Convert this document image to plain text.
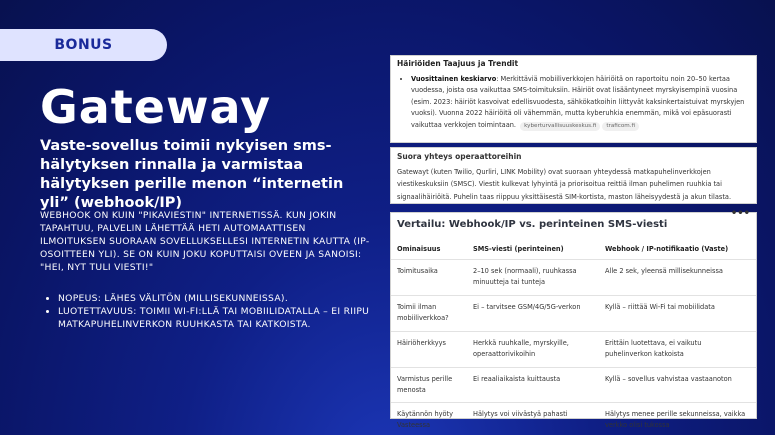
BONUS
Gateway

Vaste-sovellus toimii nykyisen sms-hälytyksen rinnalla ja varmistaa hälytyksen perille menon “internetin yli” (webhook/IP)

WEBHOOK ON KUIN "PIKAVIESTIN" INTERNETISSÄ. KUN JOKIN TAPAHTUU, PALVELIN LÄHETTÄÄ HETI AUTOMAATTISEN ILMOITUKSEN SUORAAN SOVELLUKSELLESI INTERNETIN KAUTTA (IP-OSOITTEEN YLI). SE ON KUIN JOKU KOPUTTAISI OVEEN JA SANOISI: "HEI, NYT TULI VIESTI!"

• NOPEUS: LÄHES VÄLITÖN (MILLISEKUNNEISSA).
• LUOTETTAVUUS: TOIMII WI-FI:LLÄ TAI MOBIILIDATALLA – EI RIIPU MATKAPUHELINVERKON RUUHKASTA TAI KATKOISTA.

Häiriöiden Taajuus ja Trendit

• Vuosittainen keskiarvo: Merkittäviä mobiiliverkkojen häiriöitä on raportoitu noin 20–50 kertaa vuodessa, joista osa vaikuttaa SMS-toimituksiin. Häiriöt ovat lisääntyneet myrskyisempinä vuosina (esim. 2023: häiriöt kasvoivat edellisvuodesta, sähkökatkoihin liittyvät kaksinkertaistuivat myrskyjen vuoksi). Vuonna 2022 häiriöitä oli vähemmän, mutta kyberuhkia enemmän, mikä voi epäsuorasti vaikuttaa verkkojen toimintaan. kyberturvallisuuskeskus.fi traficom.fi

Suora yhteys operaattoreihin

Gatewayt (kuten Twilio, Qurliri, LINK Mobility) ovat suoraan yhteydessä matkapuhelinverkkojen viestikeskuksiin (SMSC). Viestit kulkevat lyhyintä ja priorisoitua reittiä ilman puhelimen ruuhkia tai signaalihäiriöitä. Puhelin taas riippuu yksittäisestä SIM-kortista, maston läheisyydestä ja akun tilasta.

•••

Vertailu: Webhook/IP vs. perinteinen SMS-viesti

Ominaisuus	SMS-viesti (perinteinen)	Webhook / IP-notifikaatio (Vaste)
Toimitusaika	2–10 sek (normaali), ruuhkassa minuutteja tai tunteja	Alle 2 sek, yleensä millisekunneissa
Toimii ilman mobiiliverkkoa?	Ei – tarvitsee GSM/4G/5G-verkon	Kyllä – riittää Wi-Fi tai mobiilidata
Häiriöherkkyys	Herkkä ruuhkalle, myrskyille, operaattorivikoihin	Erittäin luotettava, ei vaikutu puhelinverkon katkoista
Varmistus perille menosta	Ei reaaliaikaista kuittausta	Kyllä – sovellus vahvistaa vastaanoton
Käytännön hyöty Vasteessa	Hälytys voi viivästyä pahasti	Hälytys menee perille sekunneissa, vaikka verkko olisi tukossa
